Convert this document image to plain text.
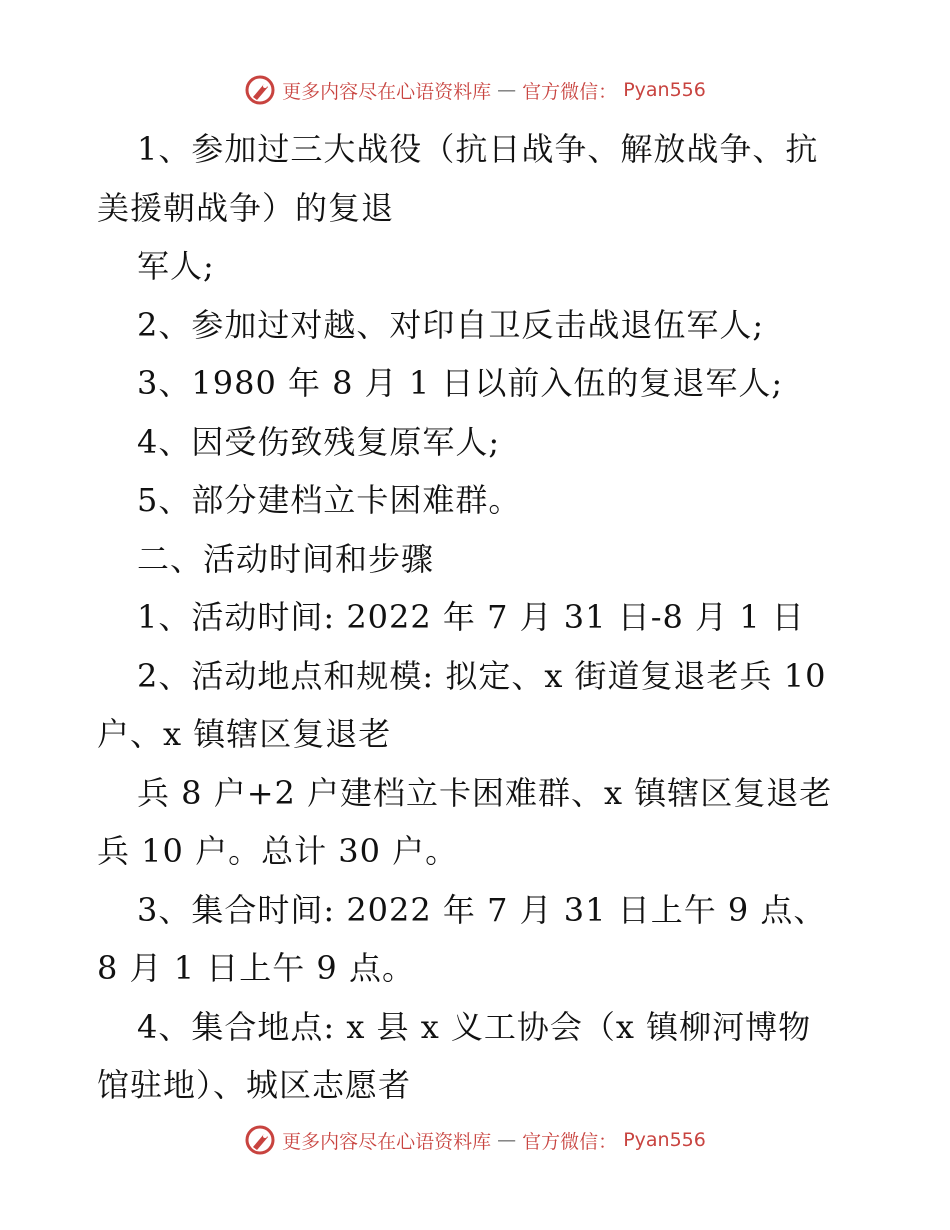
更多内容尽在心语资料库 — 官方微信： Pyan556
1、参加过三大战役（抗日战争、解放战争、抗
美援朝战争）的复退
军人;
2、参加过对越、对印自卫反击战退伍军人;
3、1980 年 8 月 1 日以前入伍的复退军人;
4、因受伤致残复原军人;
5、部分建档立卡困难群。
二、活动时间和步骤
1、活动时间: 2022 年 7 月 31 日-8 月 1 日
2、活动地点和规模: 拟定、x 街道复退老兵 10
户、x 镇辖区复退老
兵 8 户+2 户建档立卡困难群、x 镇辖区复退老
兵 10 户。总计 30 户。
3、集合时间: 2022 年 7 月 31 日上午 9 点、
8 月 1 日上午 9 点。
4、集合地点: x 县 x 义工协会（x 镇柳河博物
馆驻地）、城区志愿者
更多内容尽在心语资料库 — 官方微信： Pyan556
